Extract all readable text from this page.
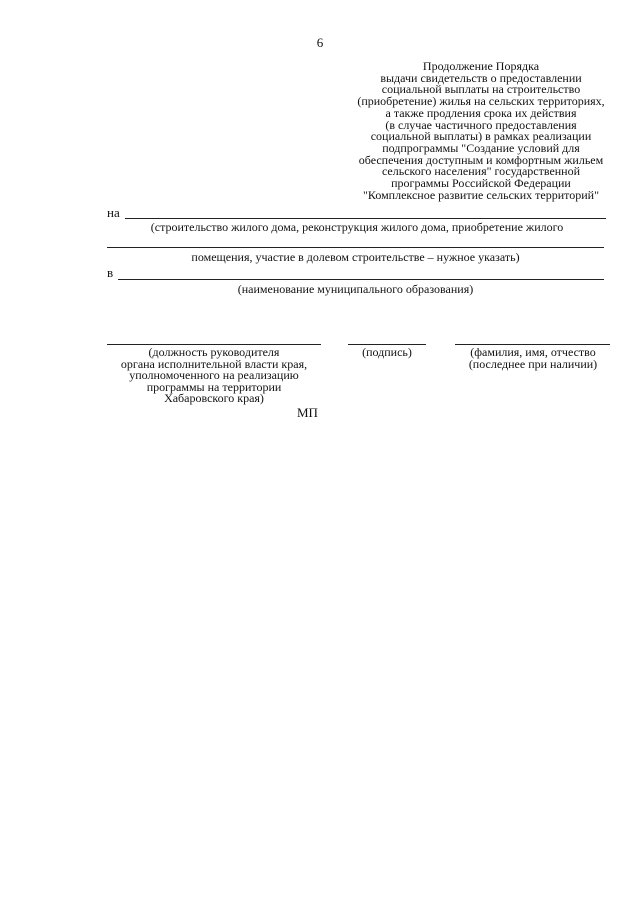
6
Продолжение Порядка
выдачи свидетельств о предоставлении
социальной выплаты на строительство
(приобретение) жилья на сельских территориях,
а также продления срока их действия
(в случае частичного предоставления
социальной выплаты) в рамках реализации
подпрограммы "Создание условий для
обеспечения доступным и комфортным жильем
сельского населения" государственной
программы Российской Федерации
"Комплексное развитие сельских территорий"
на
(строительство жилого дома, реконструкция жилого дома, приобретение жилого
помещения, участие в долевом строительстве – нужное указать)
в
(наименование муниципального образования)
(должность руководителя
органа исполнительной власти края,
уполномоченного на реализацию
программы на территории
Хабаровского края)
(подпись)	(фамилия, имя, отчество
(последнее при наличии)
МП
